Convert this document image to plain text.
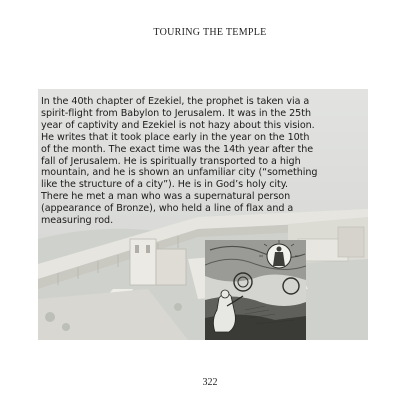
TOURING THE TEMPLE
In the 40th chapter of Ezekiel, the prophet is taken via a
spirit-flight from Babylon to Jerusalem. It was in the 25th
year of captivity and Ezekiel is not hazy about this vision.
He writes that it took place early in the year on the 10th
of the month. The exact time was the 14th year after the
fall of Jerusalem. He is spiritually transported to a high
mountain, and he is shown an unfamiliar city (“something
like the structure of a city”). He is in God’s holy city.
There he met a man who was a supernatural person
(appearance of Bronze), who held a line of flax and a
measuring rod.
322
